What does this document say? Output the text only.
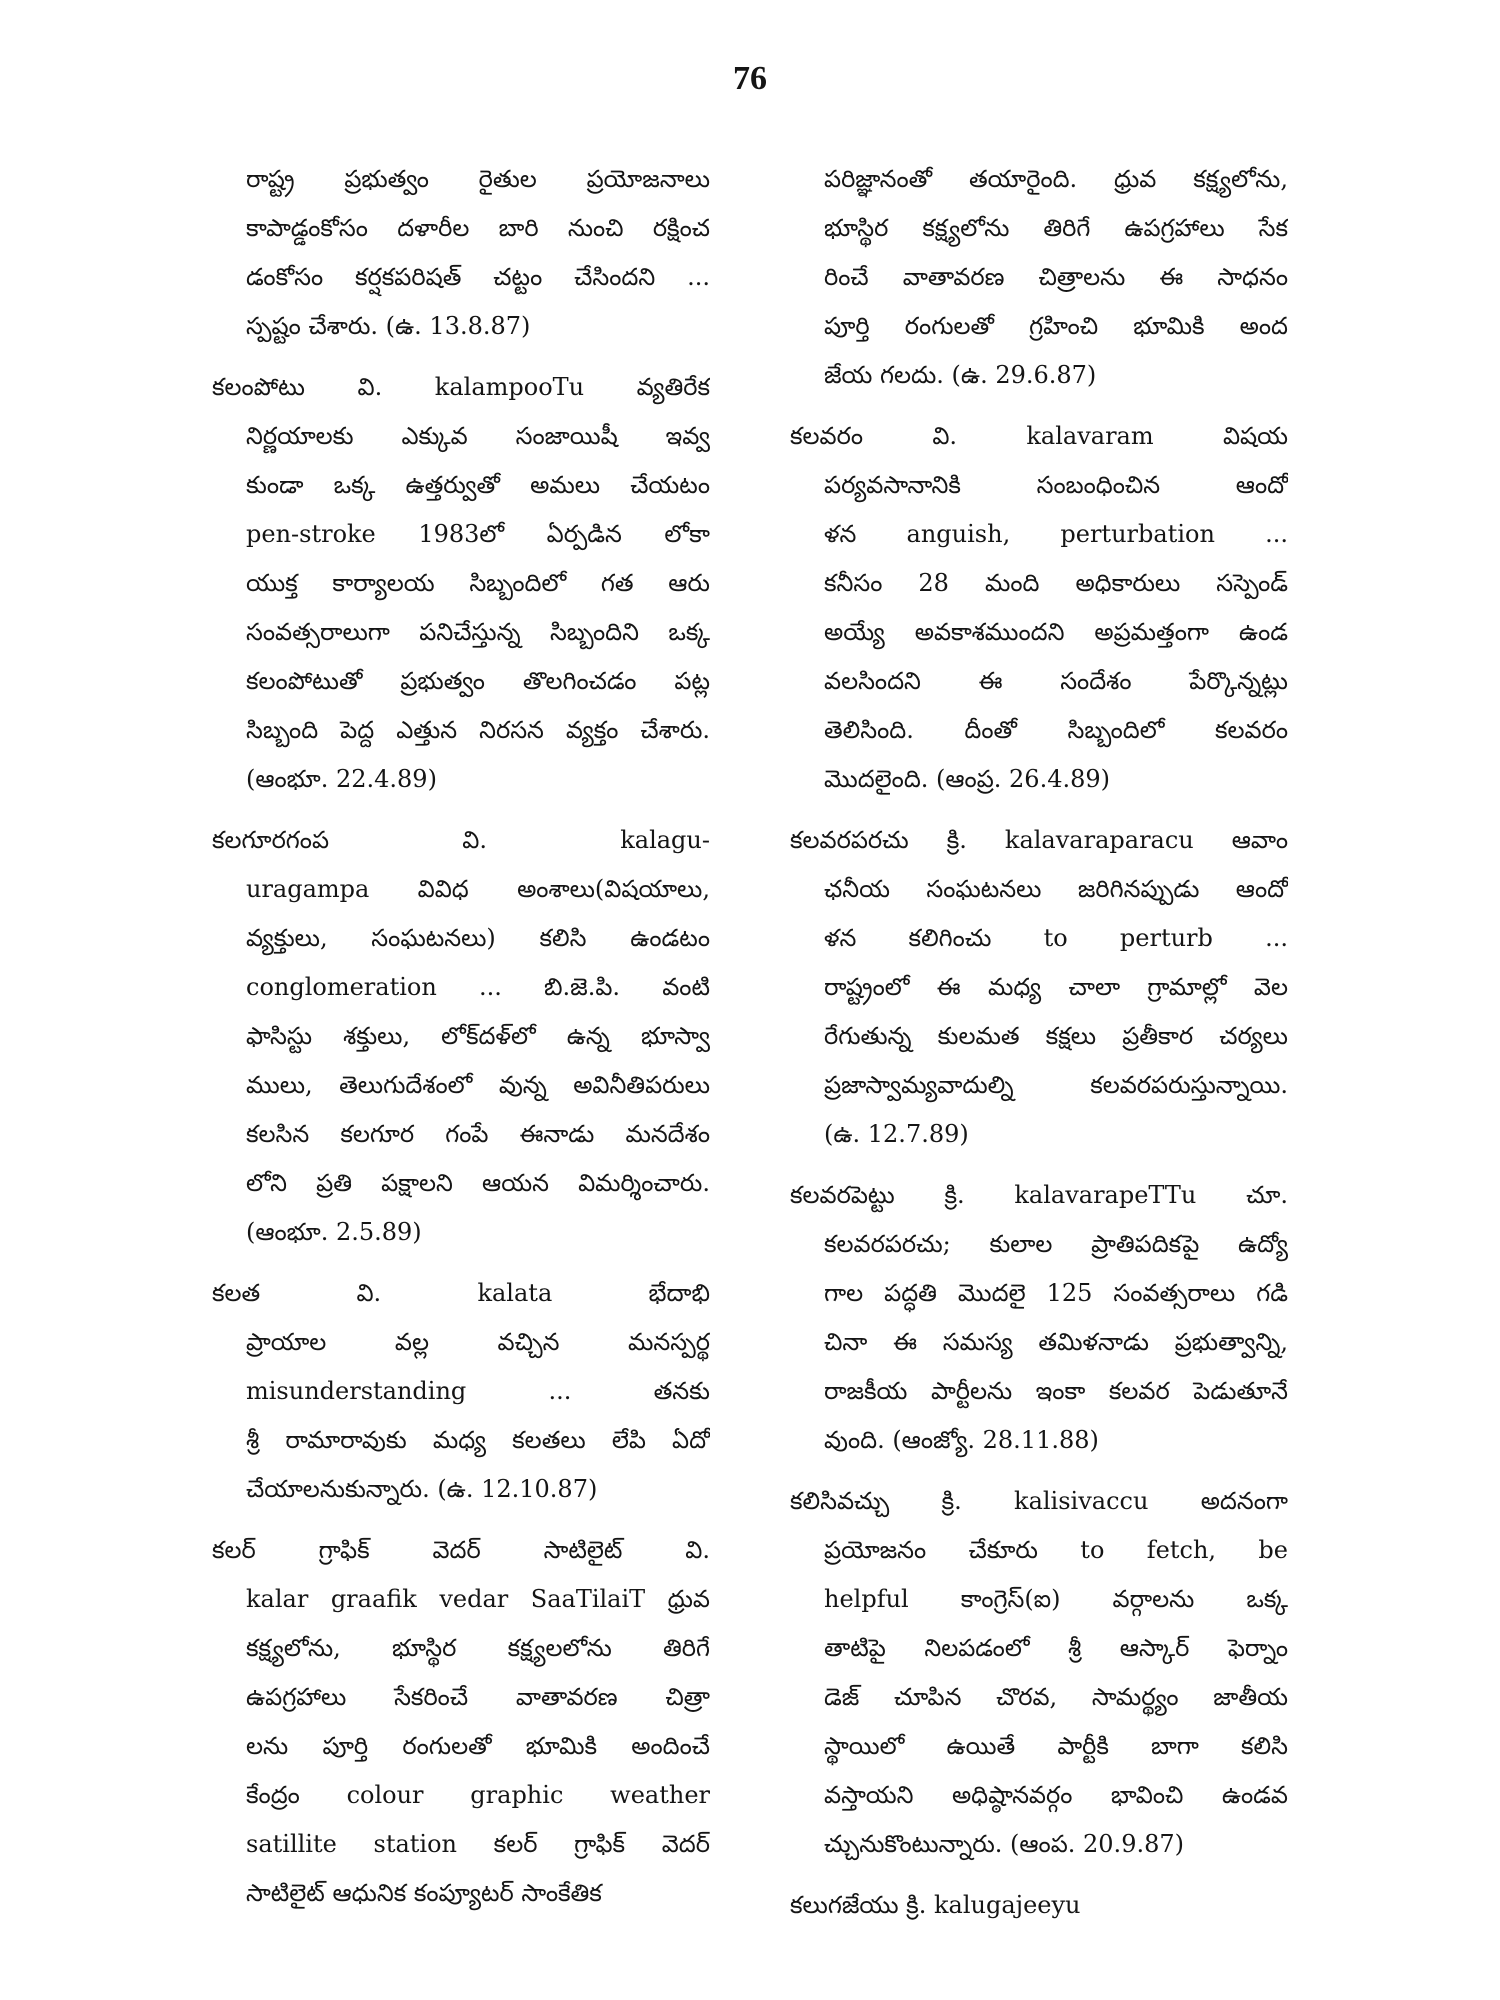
76
రాష్ట్ర ప్రభుత్వం రైతుల ప్రయోజనాలు
కాపాడ్డంకోసం దళారీల బారి నుంచి రక్షించ
డంకోసం కర్షకపరిషత్ చట్టం చేసిందని ...
స్పష్టం చేశారు. (ఉ. 13.8.87)
కలంపోటు వి. kalampooTu వ్యతిరేక
నిర్ణయాలకు ఎక్కువ సంజాయిషీ ఇవ్వ
కుండా ఒక్క ఉత్తర్వుతో అమలు చేయటం
pen-stroke 1983లో ఏర్పడిన లోకా
యుక్త కార్యాలయ సిబ్బందిలో గత ఆరు
సంవత్సరాలుగా పనిచేస్తున్న సిబ్బందిని ఒక్క
కలంపోటుతో ప్రభుత్వం తొలగించడం పట్ల
సిబ్బంది పెద్ద ఎత్తున నిరసన వ్యక్తం చేశారు.
(ఆంభూ. 22.4.89)
కలగూరగంప వి. kalagu-
uragampa వివిధ అంశాలు(విషయాలు,
వ్యక్తులు, సంఘటనలు) కలిసి ఉండటం
conglomeration ... బి.జె.పి. వంటి
ఫాసిస్టు శక్తులు, లోక్‌దళ్‌లో ఉన్న భూస్వా
ములు, తెలుగుదేశంలో వున్న అవినీతిపరులు
కలసిన కలగూర గంపే ఈనాడు మనదేశం
లోని ప్రతి పక్షాలని ఆయన విమర్శించారు.
(ఆంభూ. 2.5.89)
కలత వి. kalata భేదాభి
ప్రాయాల వల్ల వచ్చిన మనస్పర్థ
misunderstanding ... తనకు
శ్రీ రామారావుకు మధ్య కలతలు లేపి ఏదో
చేయాలనుకున్నారు. (ఉ. 12.10.87)
కలర్ గ్రాఫిక్ వెదర్ సాటిలైట్ వి.
kalar graafik vedar SaaTilaiT ధ్రువ
కక్ష్యలోను, భూస్థిర కక్ష్యలలోను తిరిగే
ఉపగ్రహాలు సేకరించే వాతావరణ చిత్రా
లను పూర్తి రంగులతో భూమికి అందించే
కేంద్రం colour graphic weather
satillite station కలర్ గ్రాఫిక్ వెదర్
సాటిలైట్ ఆధునిక కంప్యూటర్ సాంకేతిక
పరిజ్ఞానంతో తయారైంది. ధ్రువ కక్ష్యలోను,
భూస్థిర కక్ష్యలోను తిరిగే ఉపగ్రహాలు సేక
రించే వాతావరణ చిత్రాలను ఈ సాధనం
పూర్తి రంగులతో గ్రహించి భూమికి అంద
జేయ గలదు. (ఉ. 29.6.87)
కలవరం వి. kalavaram విషయ
పర్యవసానానికి సంబంధించిన ఆందో
ళన anguish, perturbation ...
కనీసం 28 మంది అధికారులు సస్పెండ్
అయ్యే అవకాశముందని అప్రమత్తంగా ఉండ
వలసిందని ఈ సందేశం పేర్కొన్నట్లు
తెలిసింది. దీంతో సిబ్బందిలో కలవరం
మొదలైంది. (ఆంప్ర. 26.4.89)
కలవరపరచు క్రి. kalavaraparacu ఆవాం
ఛనీయ సంఘటనలు జరిగినప్పుడు ఆందో
ళన కలిగించు to perturb ...
రాష్ట్రంలో ఈ మధ్య చాలా గ్రామాల్లో వెల
రేగుతున్న కులమత కక్షలు ప్రతీకార చర్యలు
ప్రజాస్వామ్యవాదుల్ని కలవరపరుస్తున్నాయి.
(ఉ. 12.7.89)
కలవరపెట్టు క్రి. kalavarapeTTu చూ.
కలవరపరచు; కులాల ప్రాతిపదికపై ఉద్యో
గాల పద్ధతి మొదలై 125 సంవత్సరాలు గడి
చినా ఈ సమస్య తమిళనాడు ప్రభుత్వాన్ని,
రాజకీయ పార్టీలను ఇంకా కలవర పెడుతూనే
వుంది. (ఆంజ్యో. 28.11.88)
కలిసివచ్చు క్రి. kalisivaccu అదనంగా
ప్రయోజనం చేకూరు to fetch, be
helpful కాంగ్రెస్(ఐ) వర్గాలను ఒక్క
తాటిపై నిలపడంలో శ్రీ ఆస్కార్ ఫెర్నాం
డెజ్ చూపిన చొరవ, సామర్థ్యం జాతీయ
స్థాయిలో ఉయితే పార్టీకి బాగా కలిసి
వస్తాయని అధిష్ఠానవర్గం భావించి ఉండవ
చ్చునుకొంటున్నారు. (ఆంప. 20.9.87)
కలుగజేయు క్రి. kalugajeeyu
